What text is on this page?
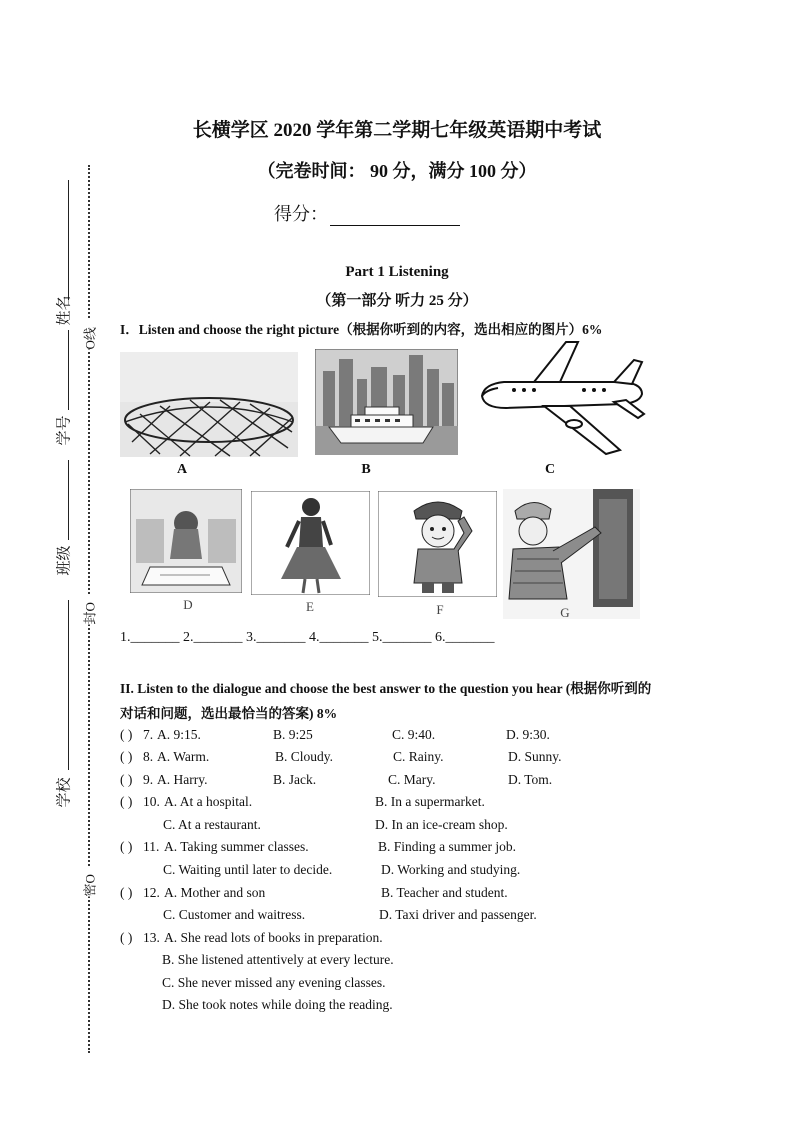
姓名
学号
班级
学校
O线
封O
密O
长横学区 2020 学年第二学期七年级英语期中考试
（完卷时间： 90 分，满分 100 分）
得分：
Part 1 Listening
（第一部分 听力 25 分）
I．Listen and choose the right picture（根据你听到的内容，选出相应的图片）6%
A	B	C
D	E	F	G
1._______ 2._______ 3._______ 4._______ 5._______ 6._______
II. Listen to the dialogue and choose the best answer to the question you hear (根据你听到的
对话和问题，选出最恰当的答案) 8%
( ) 7. A. 9:15.	B. 9:25	C. 9:40.	D. 9:30.
( ) 8. A. Warm.	B. Cloudy.	C. Rainy.	D. Sunny.
( ) 9. A. Harry.	B. Jack.	C. Mary.	D. Tom.
( ) 10. A. At a hospital.	B. In a supermarket.
C. At a restaurant.	D. In an ice-cream shop.
( ) 11. A. Taking summer classes.	B. Finding a summer job.
C. Waiting until later to decide.	D. Working and studying.
( ) 12. A. Mother and son	B. Teacher and student.
C. Customer and waitress.	D. Taxi driver and passenger.
( ) 13. A. She read lots of books in preparation.
B. She listened attentively at every lecture.
C. She never missed any evening classes.
D. She took notes while doing the reading.
